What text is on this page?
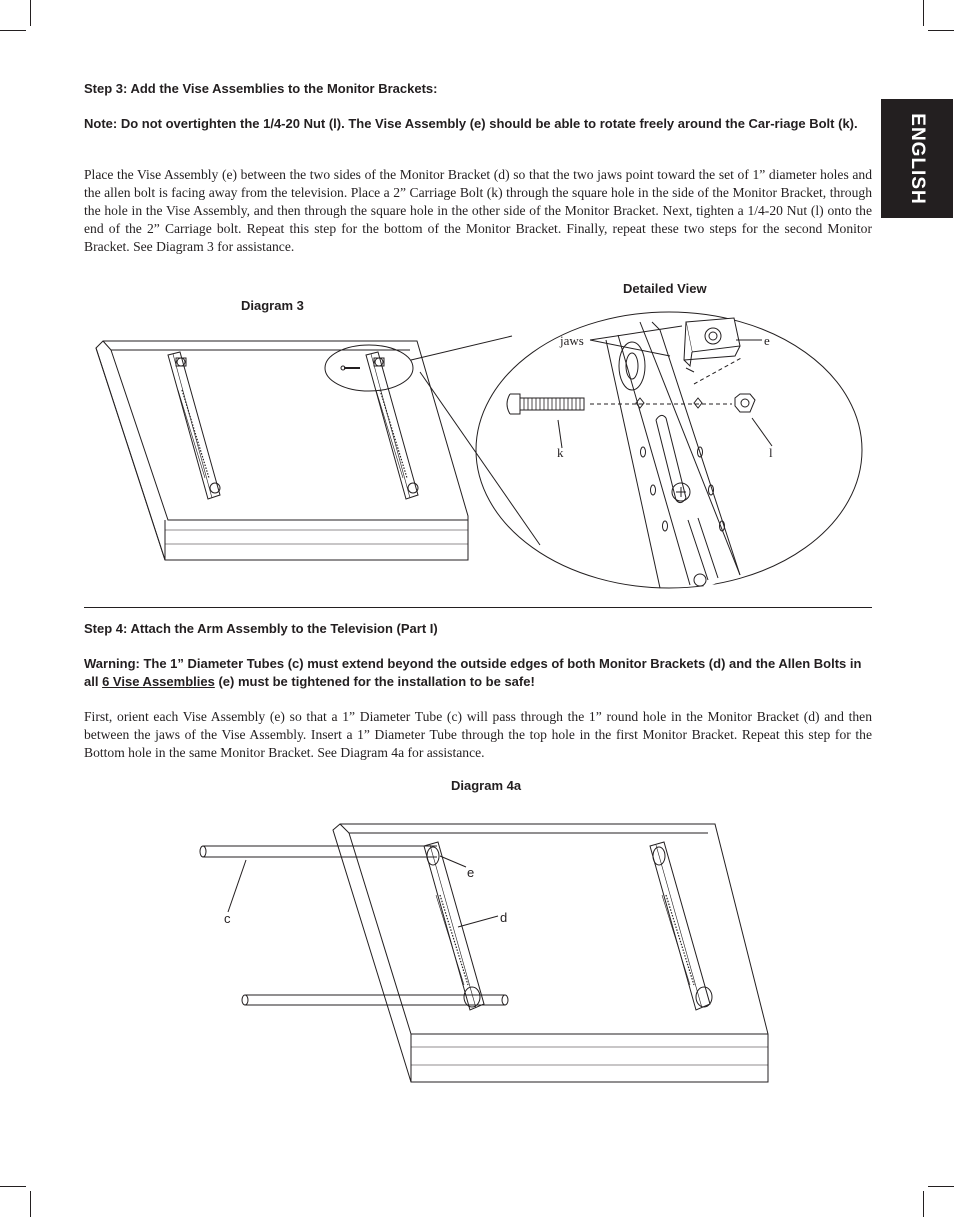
ENGLISH
Step 3: Add the Vise Assemblies to the Monitor Brackets:
Note: Do not overtighten the 1/4-20 Nut (l). The Vise Assembly (e) should be able to rotate freely around the Car-riage Bolt (k).
Place the Vise Assembly (e) between the two sides of the Monitor Bracket (d) so that the two jaws point toward the set of 1” diameter holes and the allen bolt is facing away from the television. Place a 2” Carriage Bolt (k) through the square hole in the side of the Monitor Bracket, through the hole in the Vise Assembly, and then through the square hole in the other side of the Monitor Bracket. Next, tighten a 1/4-20 Nut (l) onto the end of the 2” Carriage bolt. Repeat this step for the bottom of the Monitor Bracket. Finally, repeat these two steps for the second Monitor Bracket. See Diagram 3 for assistance.
Diagram 3
Detailed View
jaws	e
k	l
Step 4: Attach the Arm Assembly to the Television (Part I)
Warning: The 1” Diameter Tubes (c) must extend beyond the outside edges of both Monitor Brackets (d) and the Allen Bolts in all 6 Vise Assemblies (e) must be tightened for the installation to be safe!
First, orient each Vise Assembly (e) so that a 1” Diameter Tube (c) will pass through the 1” round hole in the Monitor Bracket (d) and then between the jaws of the Vise Assembly. Insert a 1” Diameter Tube through the top hole in the first Monitor Bracket. Repeat this step for the Bottom hole in the same Monitor Bracket. See Diagram 4a for assistance.
Diagram 4a
c
e
d
